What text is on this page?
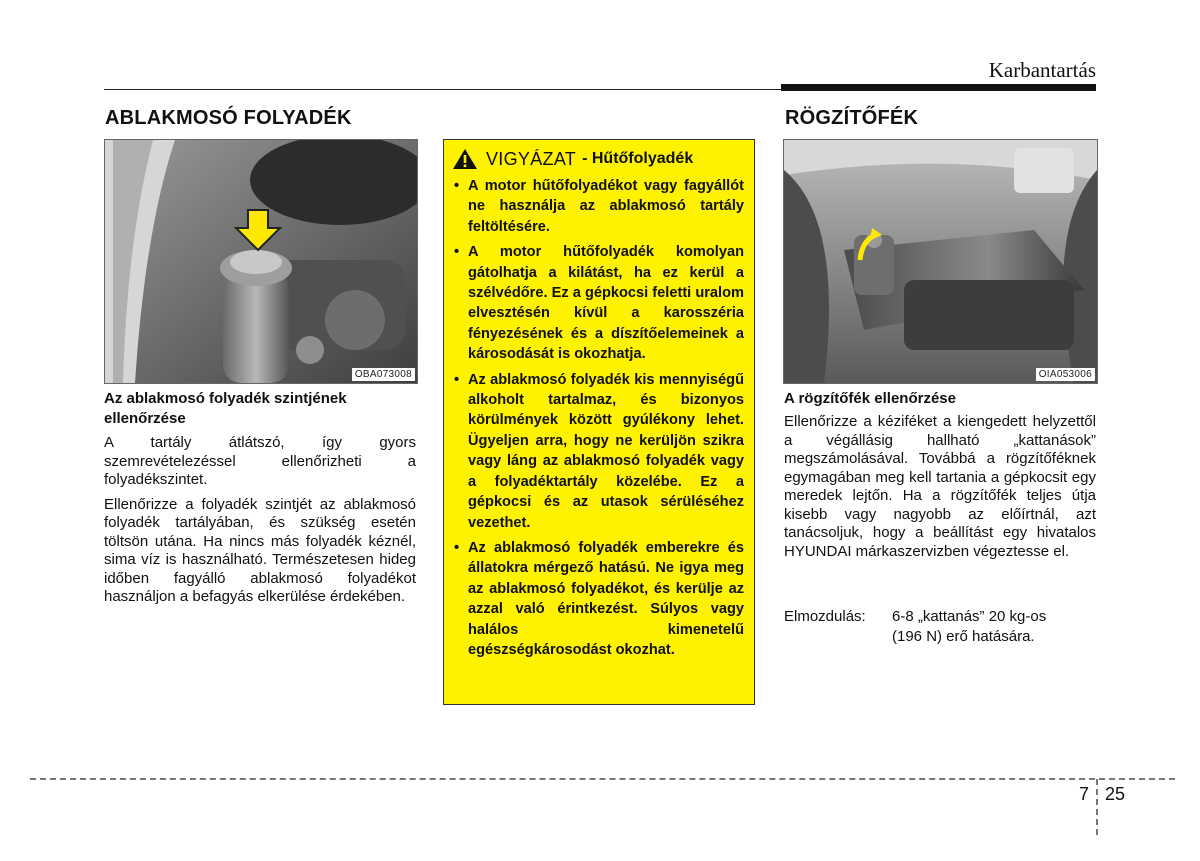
Karbantartás
ABLAKMOSÓ FOLYADÉK
OBA073008
Az ablakmosó folyadék szintjének ellenőrzése

A tartály átlátszó, így gyors szemrevételezéssel ellenőrizheti a folyadékszintet.

Ellenőrizze a folyadék szintjét az ablakmosó folyadék tartályában, és szükség esetén töltsön utána. Ha nincs más folyadék kéznél, sima víz is használható. Természetesen hideg időben fagyálló ablakmosó folyadékot használjon a befagyás elkerülése érdekében.

VIGYÁZAT - Hűtőfolyadék
• A motor hűtőfolyadékot vagy fagyállót ne használja az ablakmosó tartály feltöltésére.
• A motor hűtőfolyadék komolyan gátolhatja a kilátást, ha ez kerül a szélvédőre. Ez a gépkocsi feletti uralom elvesztésén kívül a karosszéria fényezésének és a díszítőelemeinek a károsodását is okozhatja.
• Az ablakmosó folyadék kis mennyiségű alkoholt tartalmaz, és bizonyos körülmények között gyúlékony lehet. Ügyeljen arra, hogy ne kerüljön szikra vagy láng az ablakmosó folyadék vagy a folyadéktartály közelébe. Ez a gépkocsi és az utasok sérüléséhez vezethet.
• Az ablakmosó folyadék emberekre és állatokra mérgező hatású. Ne igya meg az ablakmosó folyadékot, és kerülje az azzal való érintkezést. Súlyos vagy halálos kimenetelű egészségkárosodást okozhat.
RÖGZÍTŐFÉK
OIA053006
A rögzítőfék ellenőrzése

Ellenőrizze a kéziféket a kiengedett helyzettől a végállásig hallható „kattanások” megszámolásával. Továbbá a rögzítőféknek egymagában meg kell tartania a gépkocsit egy meredek lejtőn. Ha a rögzítőfék teljes útja kisebb vagy nagyobb az előírtnál, azt tanácsoljuk, hogy a beállítást egy hivatalos HYUNDAI márkaszervizben végeztesse el.

Elmozdulás: 6-8 „kattanás” 20 kg-os
(196 N) erő hatására.
7 25
